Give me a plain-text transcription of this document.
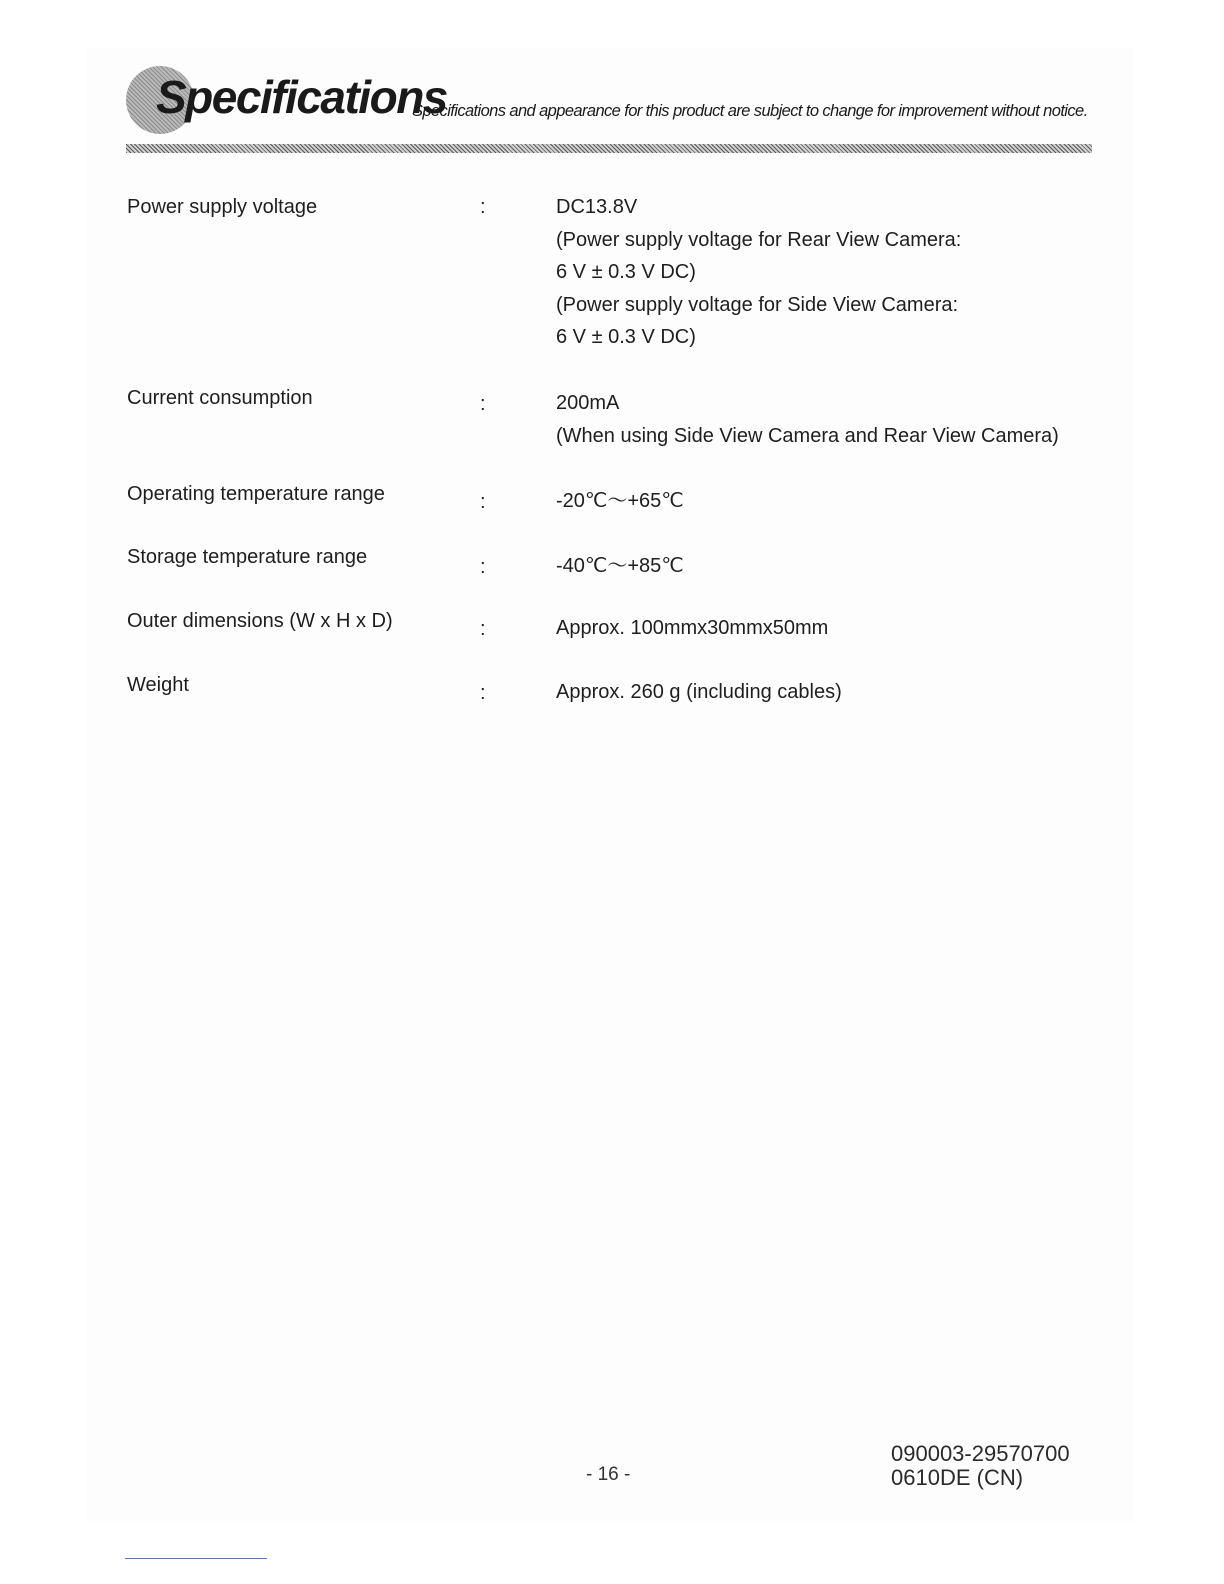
Specifications
Specifications and appearance for this product are subject to change for improvement without notice.
Power supply voltage	:	DC13.8V
(Power supply voltage for Rear View Camera:
6 V ± 0.3 V DC)
(Power supply voltage for Side View Camera:
6 V ± 0.3 V DC)
Current consumption	:	200mA
(When using Side View Camera and Rear View Camera)
Operating temperature range	:	-20℃～+65℃
Storage temperature range	:	-40℃～+85℃
Outer dimensions (W x H x D)	:	Approx. 100mmx30mmx50mm
Weight	:	Approx. 260 g (including cables)
- 16 -
090003-29570700
0610DE (CN)
